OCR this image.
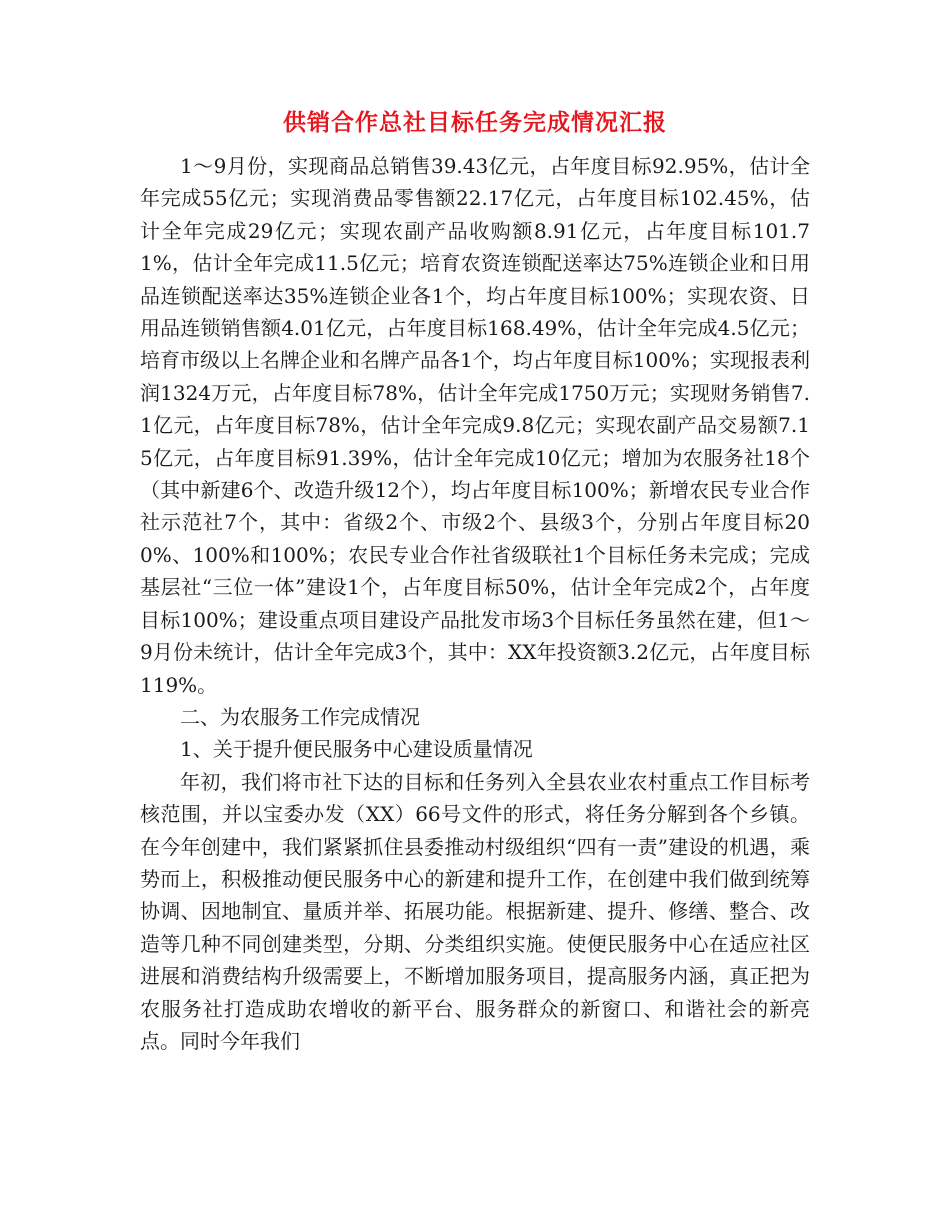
供销合作总社目标任务完成情况汇报

1～9月份，实现商品总销售39.43亿元，占年度目标92.95%，估计全年完成55亿元；实现消费品零售额22.17亿元，占年度目标102.45%，估计全年完成29亿元；实现农副产品收购额8.91亿元，占年度目标101.71%，估计全年完成11.5亿元；培育农资连锁配送率达75%连锁企业和日用品连锁配送率达35%连锁企业各1个，均占年度目标100%；实现农资、日用品连锁销售额4.01亿元，占年度目标168.49%，估计全年完成4.5亿元；培育市级以上名牌企业和名牌产品各1个，均占年度目标100%；实现报表利润1324万元，占年度目标78%，估计全年完成1750万元；实现财务销售7.1亿元，占年度目标78%，估计全年完成9.8亿元；实现农副产品交易额7.15亿元，占年度目标91.39%，估计全年完成10亿元；增加为农服务社18个（其中新建6个、改造升级12个），均占年度目标100%；新增农民专业合作社示范社7个，其中：省级2个、市级2个、县级3个，分别占年度目标200%、100%和100%；农民专业合作社省级联社1个目标任务未完成；完成基层社“三位一体”建设1个，占年度目标50%，估计全年完成2个，占年度目标100%；建设重点项目建设产品批发市场3个目标任务虽然在建，但1～9月份未统计，估计全年完成3个，其中：XX年投资额3.2亿元，占年度目标119%。

二、为农服务工作完成情况

1、关于提升便民服务中心建设质量情况

年初，我们将市社下达的目标和任务列入全县农业农村重点工作目标考核范围，并以宝委办发（XX）66号文件的形式，将任务分解到各个乡镇。在今年创建中，我们紧紧抓住县委推动村级组织“四有一责”建设的机遇，乘势而上，积极推动便民服务中心的新建和提升工作，在创建中我们做到统筹协调、因地制宜、量质并举、拓展功能。根据新建、提升、修缮、整合、改造等几种不同创建类型，分期、分类组织实施。使便民服务中心在适应社区进展和消费结构升级需要上，不断增加服务项目，提高服务内涵，真正把为农服务社打造成助农增收的新平台、服务群众的新窗口、和谐社会的新亮点。同时今年我们
